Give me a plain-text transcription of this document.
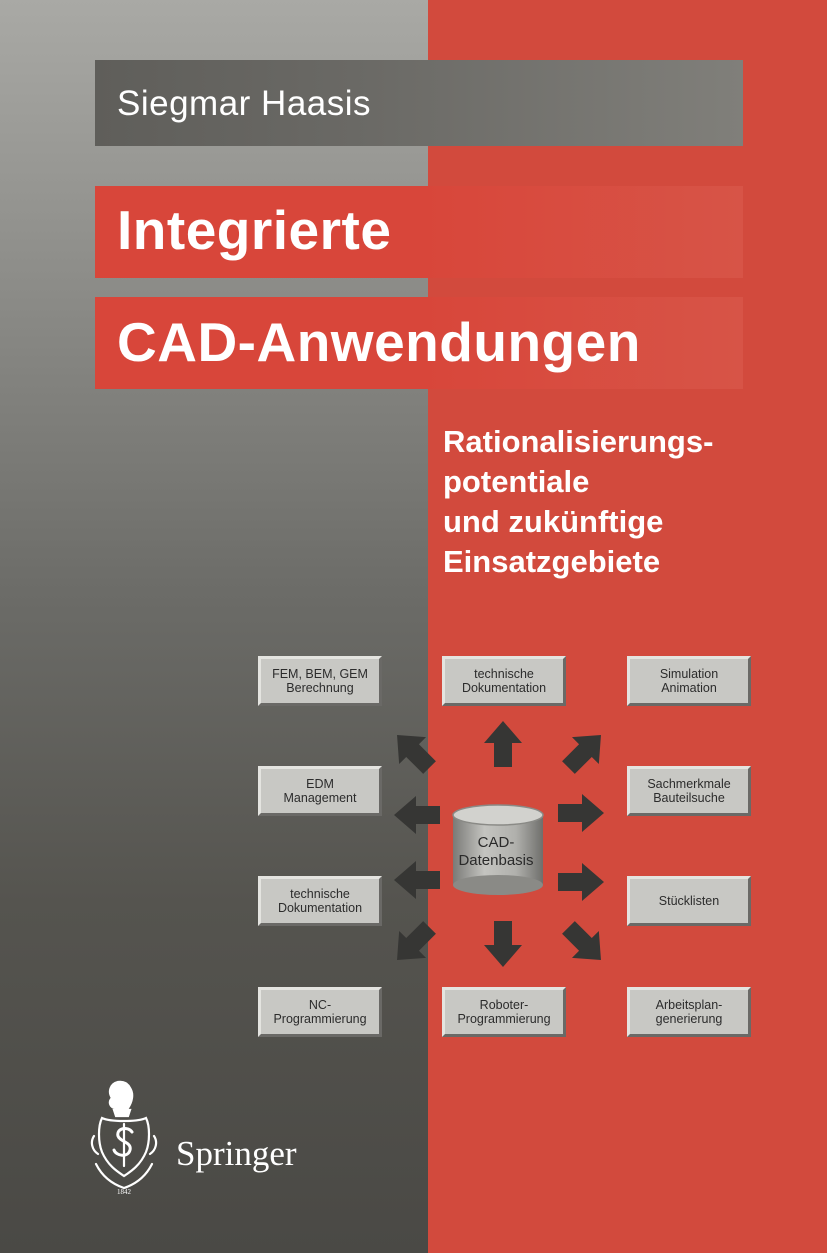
Siegmar Haasis
Integrierte
CAD-Anwendungen
Rationalisierungs-
potentiale
und zukünftige
Einsatzgebiete
CAD-
Datenbasis
FEM, BEM, GEM
Berechnung
technische
Dokumentation
Simulation
Animation
EDM
Management
Sachmerkmale
Bauteilsuche
technische
Dokumentation	Stücklisten
NC-
Programmierung
Roboter-
Programmierung
Arbeitsplan-
generierung
1842
Springer
